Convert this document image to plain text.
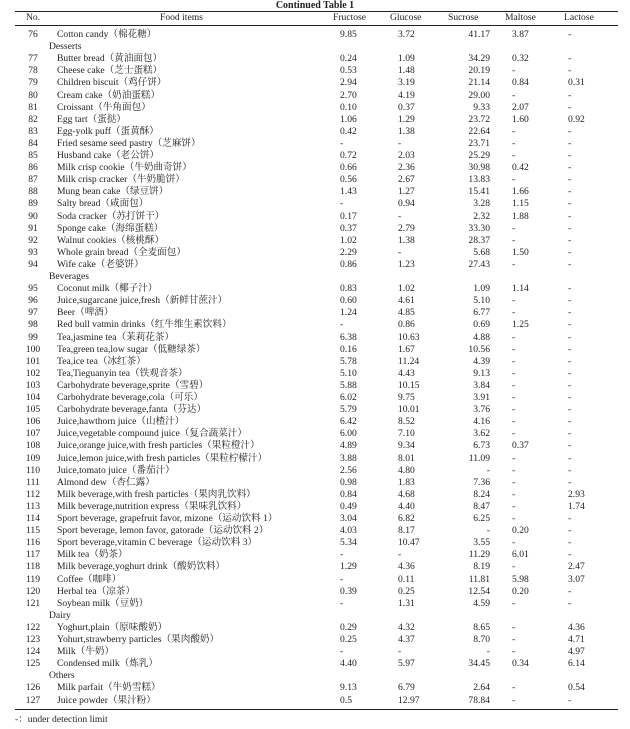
Continued Table 1
No.	Food items	Fructose Glucose	Sucrose	Maltose	Lactose
76	Cotton candy（棉花糖）	9.85	3.72	41.17 3.87	-
Desserts
77	Butter bread（黄油面包）	0.24	1.09	34.29 0.32	-
78	Cheese cake（芝士蛋糕）	0.53	1.48	20.19 -	-
79	Children biscuit（鸡仔饼）	2.94	3.19	21.14 0.84	0.31
80	Cream cake（奶油蛋糕）	2.70	4.19	29.00 -	-
81	Croissant（牛角面包）	0.10	0.37	9.33 2.07	-
82	Egg tart（蛋挞）	1.06	1.29	23.72 1.60	0.92
83	Egg-yolk puff（蛋黄酥）	0.42	1.38	22.64 -	-
84	Fried sesame seed pastry（芝麻饼）	-	-	23.71 -	-
85	Husband cake（老公饼）	0.72	2.03	25.29 -	-
86	Milk crisp cookie（牛奶曲奇饼）	0.66	2.36	30.98 0.42	-
87	Milk crisp cracker（牛奶脆饼）	0.56	2.67	13.83 -	-
88	Mung bean cake（绿豆饼）	1.43	1.27	15.41 1.66	-
89	Salty bread（咸面包）	-	0.94	3.28 1.15	-
90	Soda cracker（苏打饼干）	0.17	-	2.32 1.88	-
91	Sponge cake（海绵蛋糕）	0.37	2.79	33.30 -	-
92	Walnut cookies（核桃酥）	1.02	1.38	28.37 -	-
93	Whole grain bread（全麦面包）	2.29	-	5.68 1.50	-
94	Wife cake（老婆饼）	0.86	1.23	27.43 -	-
Beverages
95	Coconut milk（椰子汁）	0.83	1.02	1.09 1.14	-
96	Juice,sugarcane juice,fresh（新鲜甘蔗汁）	0.60	4.61	5.10 -	-
97	Beer（啤酒）	1.24	4.85	6.77 -	-
98	Red bull vatmin drinks（红牛维生素饮料）	-	0.86	0.69 1.25	-
99	Tea,jasmine tea（茉莉花茶）	6.38	10.63	4.88 -	-
100	Tea,green tea,low sugar（低糖绿茶）	0.16	1.67	10.56 -	-
101	Tea,ice tea（冰红茶）	5.78	11.24	4.39 -	-
102	Tea,Tieguanyin tea（铁观音茶）	5.10	4.43	9.13 -	-
103	Carbohydrate beverage,sprite（雪碧）	5.88	10.15	3.84 -	-
104	Carbohydrate beverage,cola（可乐）	6.02	9.75	3.91 -	-
105	Carbohydrate beverage,fanta（芬达）	5.79	10.01	3.76 -	-
106	Juice,hawthorn juice（山楂汁）	6.42	8.52	4.16 -	-
107	Juice,vegetable compound juice（复合蔬菜汁）	6.00	7.10	3.62 -	-
108	Juice,orange juice,with fresh particles（果粒橙汁）	4.89	9.34	6.73 0.37	-
109	Juice,lemon juice,with fresh particles（果粒柠檬汁）	3.88	8.01	11.09 -	-
110	Juice,tomato juice（番茄汁）	2.56	4.80	- -	-
111	Almond dew（杏仁露）	0.98	1.83	7.36 -	-
112	Milk beverage,with fresh particles（果肉乳饮料）	0.84	4.68	8.24 -	2.93
113	Milk beverage,nutrition express（果味乳饮料）	0.49	4.40	8.47 -	1.74
114	Sport beverage, grapefruit favor, mizone（运动饮料 1）	3.04	6.82	6.25 -	-
115	Sport beverage, lemon favor, gatorade（运动饮料 2）	4.03	8.17	- 0.20	-
116	Sport beverage,vitamin C beverage（运动饮料 3）	5.34	10.47	3.55 -	-
117	Milk tea（奶茶）	-	-	11.29 6.01	-
118	Milk beverage,yoghurt drink（酸奶饮料）	1.29	4.36	8.19 -	2.47
119	Coffee（咖啡）	-	0.11	11.81 5.98	3.07
120	Herbal tea（凉茶）	0.39	0.25	12.54 0.20	-
121	Soybean milk（豆奶）	-	1.31	4.59 -	-
Dairy
122	Yoghurt,plain（原味酸奶）	0.29	4.32	8.65 -	4.36
123	Yohurt,strawberry particles（果肉酸奶）	0.25	4.37	8.70 -	4.71
124	Milk（牛奶）	-	-	- -	4.97
125	Condensed milk（炼乳）	4.40	5.97	34.45 0.34	6.14
Others
126	Milk parfait（牛奶雪糕）	9.13	6.79	2.64 -	0.54
127	Juice powder（果汁粉）	0.5	12.97	78.84 -	-
-：under detection limit
